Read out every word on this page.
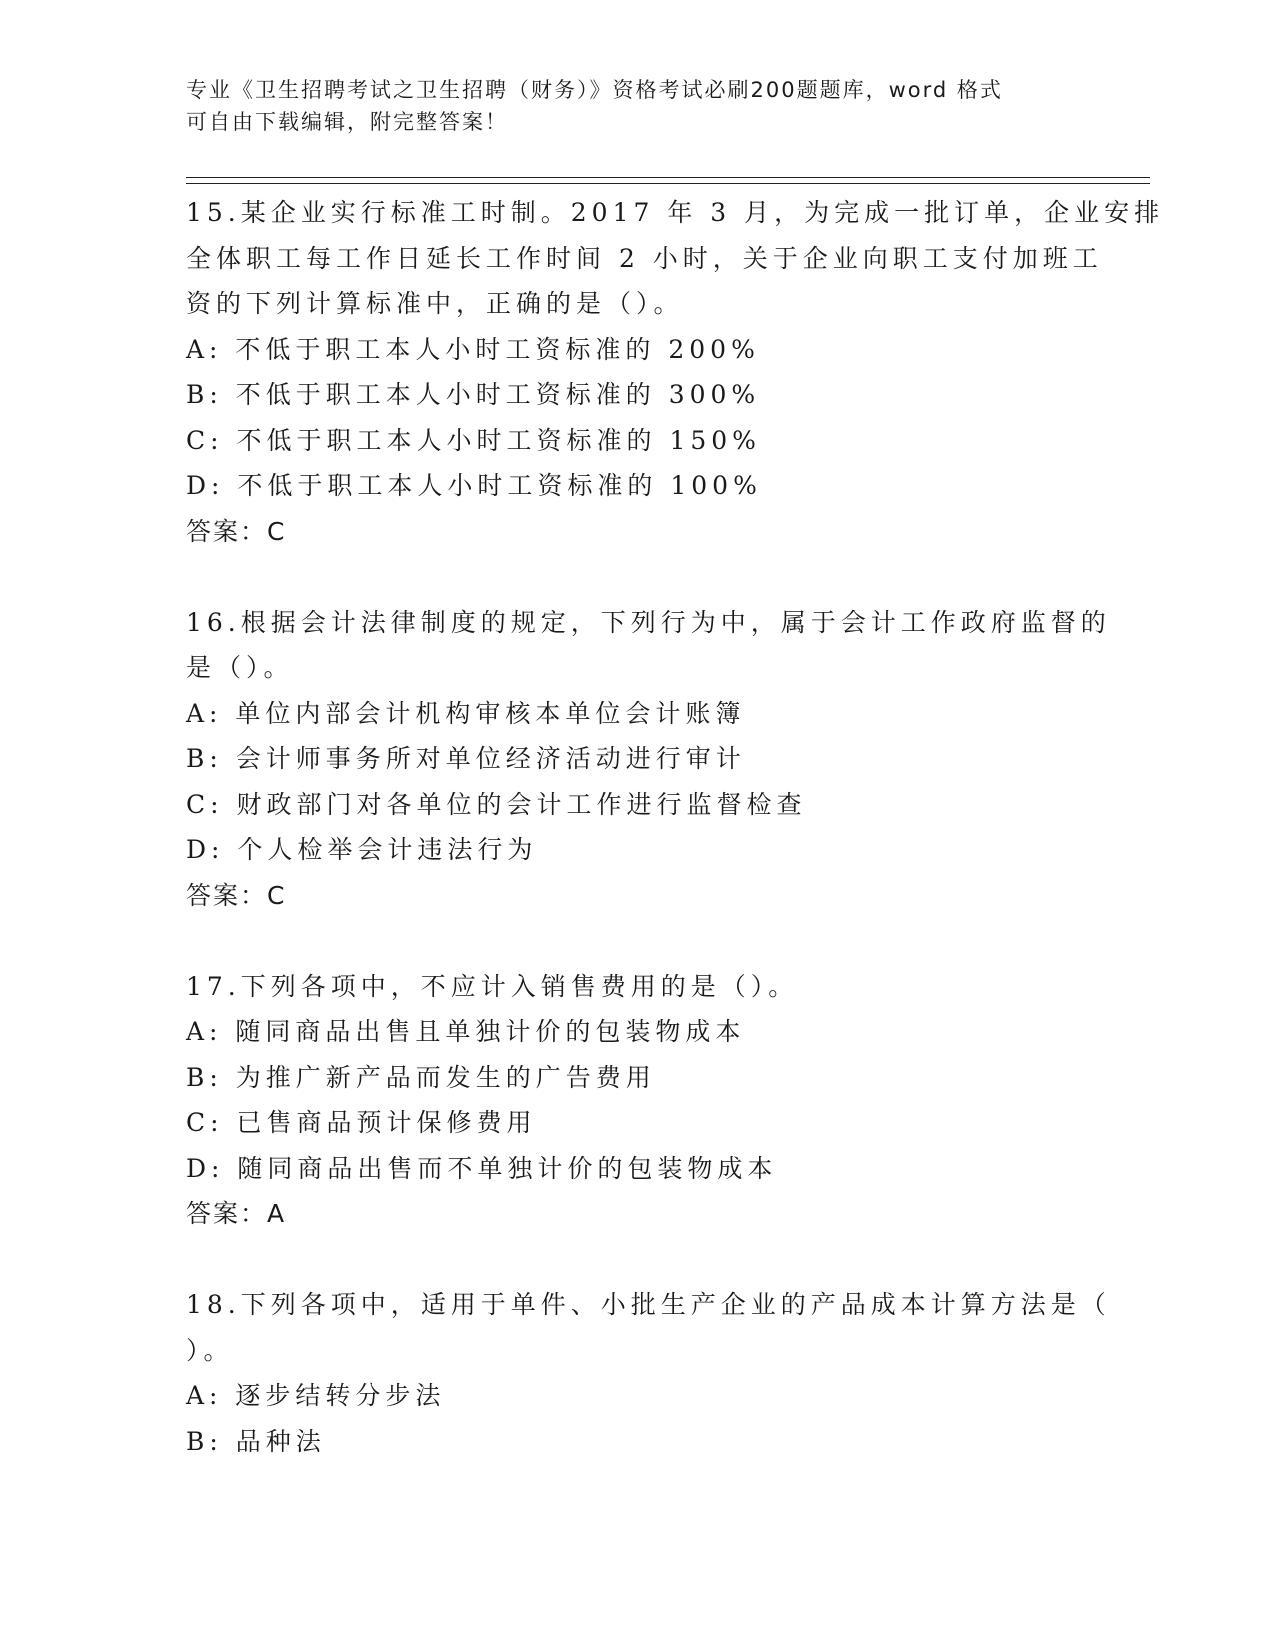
专业《卫生招聘考试之卫生招聘（财务）》资格考试必刷200题题库，word 格式
可自由下载编辑，附完整答案！
15.某企业实行标准工时制。2017 年 3 月，为完成一批订单，企业安排
全体职工每工作日延长工作时间 2 小时，关于企业向职工支付加班工
资的下列计算标准中，正确的是（）。
A: 不低于职工本人小时工资标准的 200%
B: 不低于职工本人小时工资标准的 300%
C: 不低于职工本人小时工资标准的 150%
D: 不低于职工本人小时工资标准的 100%
答案：C
16.根据会计法律制度的规定，下列行为中，属于会计工作政府监督的
是（）。
A: 单位内部会计机构审核本单位会计账簿
B: 会计师事务所对单位经济活动进行审计
C: 财政部门对各单位的会计工作进行监督检查
D: 个人检举会计违法行为
答案：C
17.下列各项中，不应计入销售费用的是（）。
A: 随同商品出售且单独计价的包装物成本
B: 为推广新产品而发生的广告费用
C: 已售商品预计保修费用
D: 随同商品出售而不单独计价的包装物成本
答案：A
18.下列各项中，适用于单件、小批生产企业的产品成本计算方法是（
）。
A: 逐步结转分步法
B: 品种法
